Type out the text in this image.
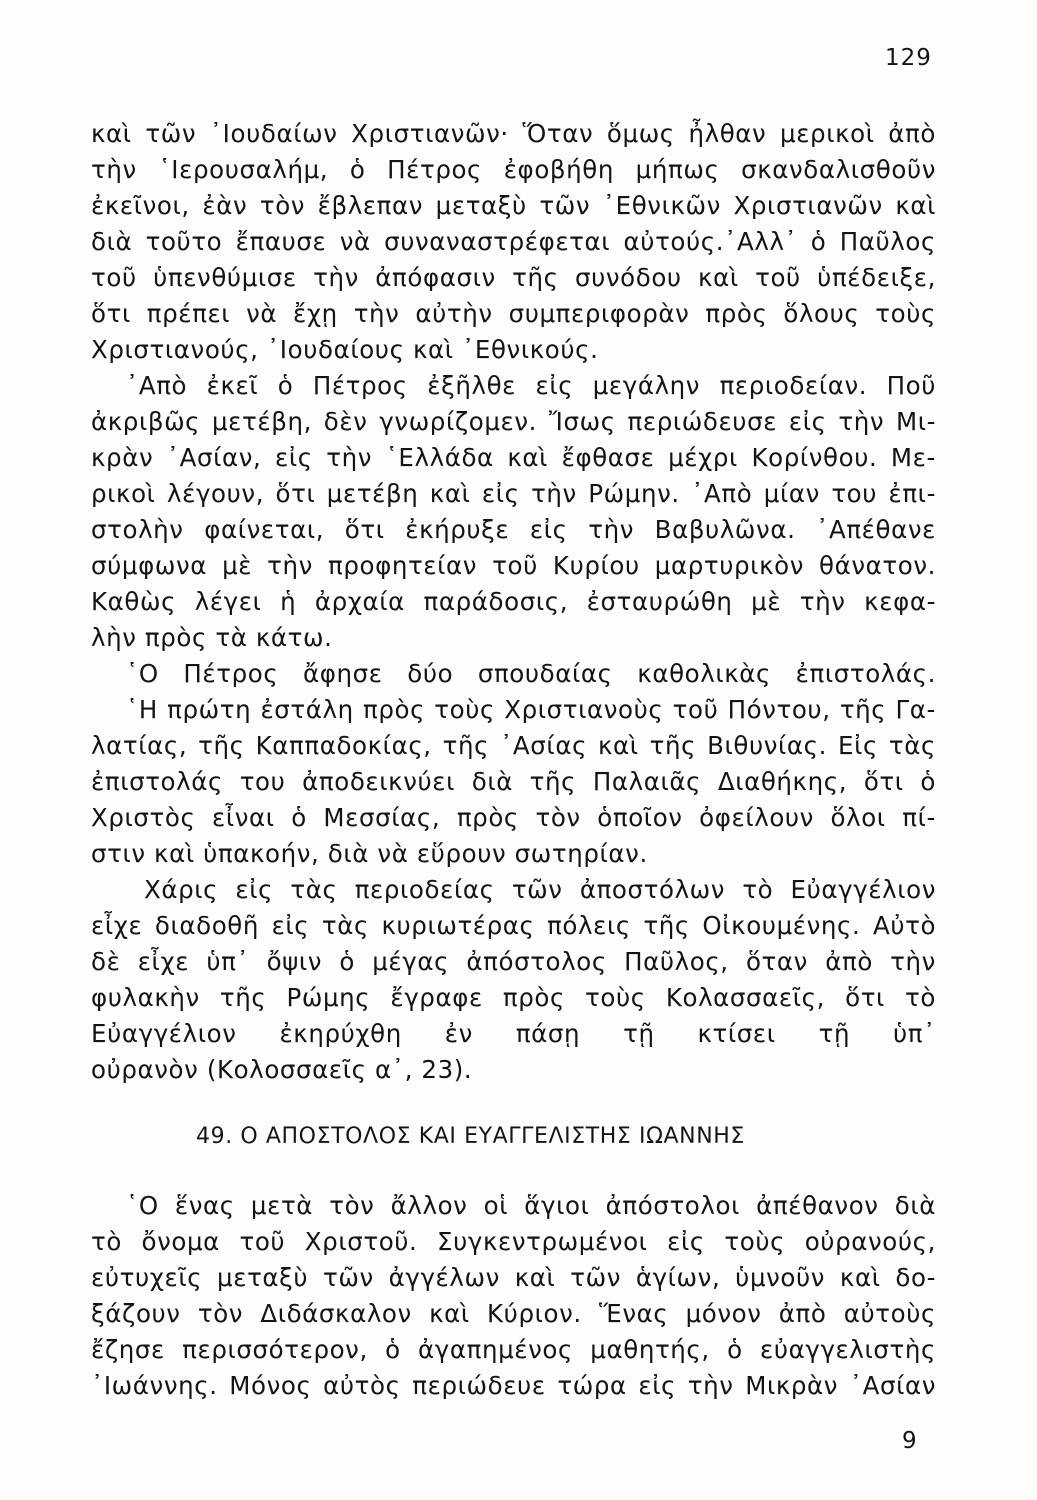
129
καὶ τῶν ᾽Ιουδαίων Χριστιανῶν· Ὅταν ὅμως ἦλθαν μερικοὶ ἀπὸ
τὴν ῾Ιερουσαλήμ, ὁ Πέτρος ἐφοβήθη μήπως σκανδαλισθοῦν
ἐκεῖνοι, ἐὰν τὸν ἔβλεπαν μεταξὺ τῶν ᾽Εθνικῶν Χριστιανῶν καὶ
διὰ τοῦτο ἔπαυσε νὰ συναναστρέφεται αὐτούς.᾽Αλλ᾽ ὁ Παῦλος
τοῦ ὑπενθύμισε τὴν ἀπόφασιν τῆς συνόδου καὶ τοῦ ὑπέδειξε,
ὅτι πρέπει νὰ ἔχῃ τὴν αὐτὴν συμπεριφορὰν πρὸς ὅλους τοὺς
Χριστιανούς, ᾽Ιουδαίους καὶ ᾽Εθνικούς.
᾽Απὸ ἐκεῖ ὁ Πέτρος ἐξῆλθε εἰς μεγάλην περιοδείαν. Ποῦ
ἀκριβῶς μετέβη, δὲν γνωρίζομεν. Ἴσως περιώδευσε εἰς τὴν Μι-
κρὰν ᾽Ασίαν, εἰς τὴν ῾Ελλάδα καὶ ἔφθασε μέχρι Κορίνθου. Με-
ρικοὶ λέγουν, ὅτι μετέβη καὶ εἰς τὴν Ρώμην. ᾽Απὸ μίαν του ἐπι-
στολὴν φαίνεται, ὅτι ἐκήρυξε εἰς τὴν Βαβυλῶνα. ᾽Απέθανε
σύμφωνα μὲ τὴν προφητείαν τοῦ Κυρίου μαρτυρικὸν θάνατον.
Καθὼς λέγει ἡ ἀρχαία παράδοσις, ἐσταυρώθη μὲ τὴν κεφα-
λὴν πρὸς τὰ κάτω.
῾Ο Πέτρος ἄφησε δύο σπουδαίας καθολικὰς ἐπιστολάς.
῾Η πρώτη ἐστάλη πρὸς τοὺς Χριστιανοὺς τοῦ Πόντου, τῆς Γα-
λατίας, τῆς Καππαδοκίας, τῆς ᾽Ασίας καὶ τῆς Βιθυνίας. Εἰς τὰς
ἐπιστολάς του ἀποδεικνύει διὰ τῆς Παλαιᾶς Διαθήκης, ὅτι ὁ
Χριστὸς εἶναι ὁ Μεσσίας, πρὸς τὸν ὁποῖον ὀφείλουν ὅλοι πί-
στιν καὶ ὑπακοήν, διὰ νὰ εὕρουν σωτηρίαν.
Χάρις εἰς τὰς περιοδείας τῶν ἀποστόλων τὸ Εὐαγγέλιον
εἶχε διαδοθῆ εἰς τὰς κυριωτέρας πόλεις τῆς Οἰκουμένης. Αὐτὸ
δὲ εἶχε ὑπ᾽ ὄψιν ὁ μέγας ἀπόστολος Παῦλος, ὅταν ἀπὸ τὴν
φυλακὴν τῆς Ρώμης ἔγραφε πρὸς τοὺς Κολασσαεῖς, ὅτι τὸ
Εὐαγγέλιον ἐκηρύχθη ἐν πάσῃ τῇ κτίσει τῇ ὑπ᾽
οὐρανὸν (Κολοσσαεῖς α᾽, 23).
49. Ο ΑΠΟΣΤΟΛΟΣ ΚΑΙ ΕΥΑΓΓΕΛΙΣΤΗΣ ΙΩΑΝΝΗΣ
῾Ο ἕνας μετὰ τὸν ἄλλον οἱ ἅγιοι ἀπόστολοι ἀπέθανον διὰ
τὸ ὄνομα τοῦ Χριστοῦ. Συγκεντρωμένοι εἰς τοὺς οὐρανούς,
εὐτυχεῖς μεταξὺ τῶν ἀγγέλων καὶ τῶν ἁγίων, ὑμνοῦν καὶ δο-
ξάζουν τὸν Διδάσκαλον καὶ Κύριον. Ἕνας μόνον ἀπὸ αὐτοὺς
ἔζησε περισσότερον, ὁ ἀγαπημένος μαθητής, ὁ εὐαγγελιστὴς
᾽Ιωάννης. Μόνος αὐτὸς περιώδευε τώρα εἰς τὴν Μικρὰν ᾽Ασίαν
9
